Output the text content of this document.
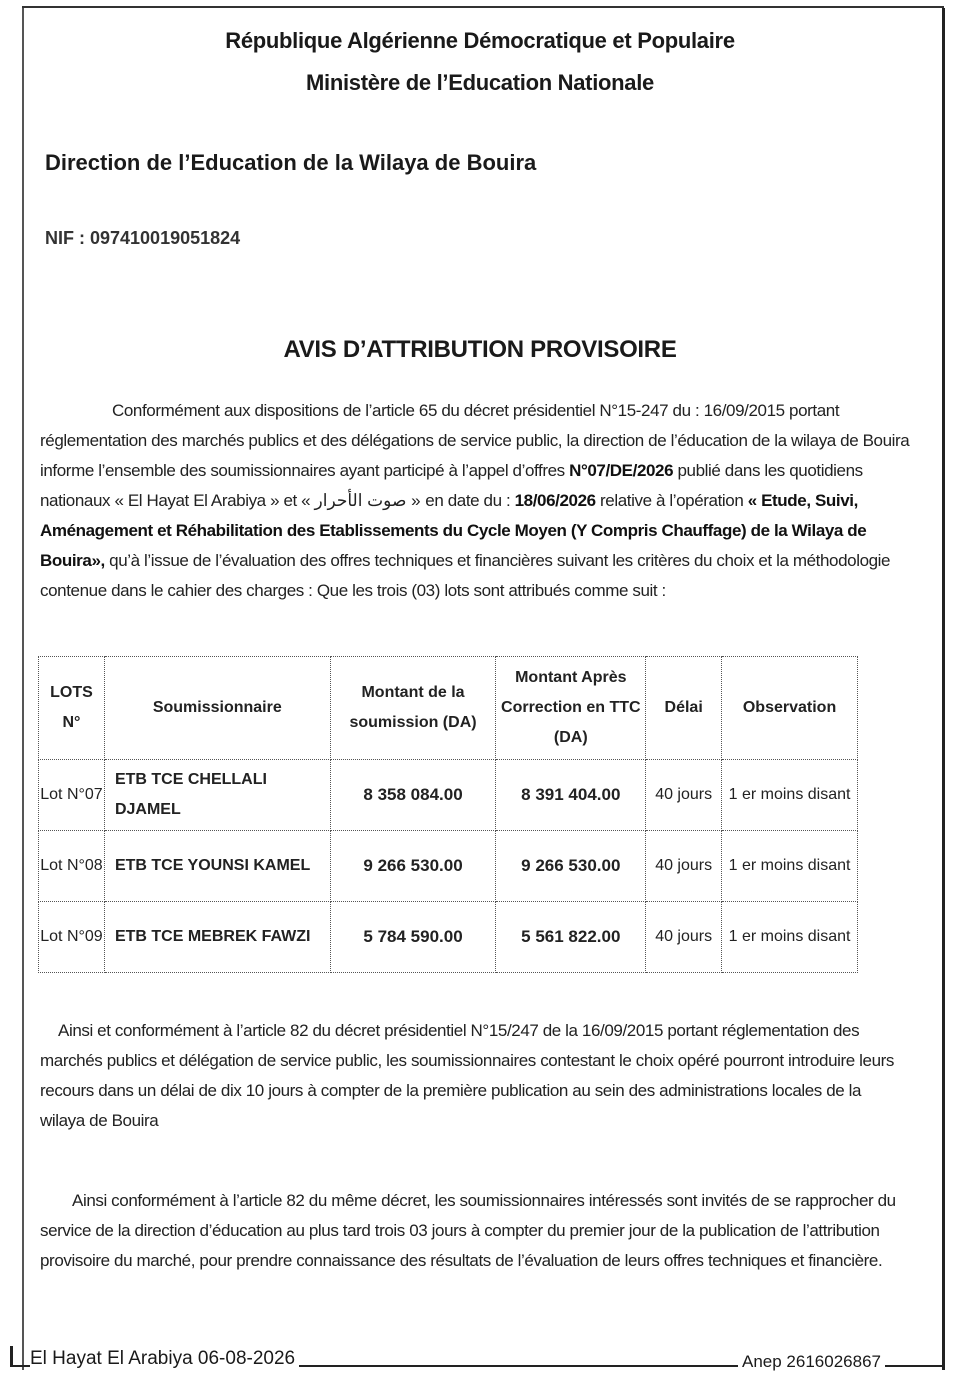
République Algérienne Démocratique et Populaire
Ministère de l’Education Nationale
Direction de l’Education de la Wilaya de Bouira
NIF : 097410019051824
AVIS D’ATTRIBUTION PROVISOIRE
Conformément aux dispositions de l’article 65 du décret présidentiel N°15-247 du : 16/09/2015 portant réglementation des marchés publics et des délégations de service public, la direction de l’éducation de la wilaya de Bouira informe l’ensemble des soumissionnaires ayant participé à l’appel d’offres N°07/DE/2026 publié dans les quotidiens nationaux « El Hayat El Arabiya » et « صوت الأحرار » en date du : 18/06/2026 relative à l’opération « Etude, Suivi, Aménagement et Réhabilitation des Etablissements du Cycle Moyen (Y Compris Chauffage) de la Wilaya de Bouira», qu’à l’issue de l’évaluation des offres techniques et financières suivant les critères du choix et la méthodologie contenue dans le cahier des charges : Que les trois (03) lots sont attribués comme suit :
LOTS N°	Soumissionnaire	Montant de la soumission (DA)	Montant Après Correction en TTC (DA)	Délai	Observation
Lot N°07	ETB TCE CHELLALI DJAMEL	8 358 084.00	8 391 404.00	40 jours	1 er moins disant
Lot N°08	ETB TCE YOUNSI KAMEL	9 266 530.00	9 266 530.00	40 jours	1 er moins disant
Lot N°09	ETB TCE MEBREK FAWZI	5 784 590.00	5 561 822.00	40 jours	1 er moins disant
Ainsi et conformément à l’article 82 du décret présidentiel N°15/247 de la 16/09/2015 portant réglementation des marchés publics et délégation de service public, les soumissionnaires contestant le choix opéré pourront introduire leurs recours dans un délai de dix 10 jours à compter de la première publication au sein des administrations locales de la wilaya de Bouira
Ainsi conformément à l’article 82 du même décret, les soumissionnaires intéressés sont invités de se rapprocher du service de la direction d’éducation au plus tard trois 03 jours à compter du premier jour de la publication de l’attribution provisoire du marché, pour prendre connaissance des résultats de l’évaluation de leurs offres techniques et financière.
El Hayat El Arabiya 06-08-2026	Anep 2616026867
